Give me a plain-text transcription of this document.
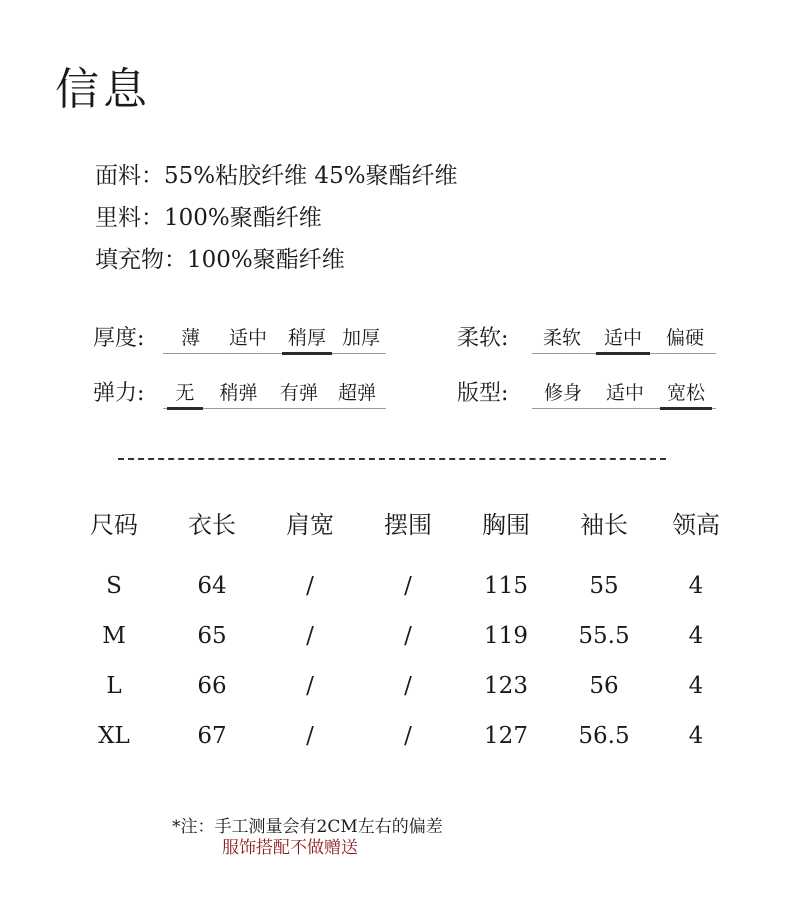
信息
面料：55%粘胶纤维 45%聚酯纤维
里料：100%聚酯纤维
填充物：100%聚酯纤维
厚度:	薄	适中	稍厚 加厚	柔软:	柔软	适中	偏硬
弹力:	无	稍弹	有弹	超弹	版型:	修身	适中	宽松
尺码	衣长	肩宽	摆围	胸围	袖长	领高
S	64	/	/	115	55	4
M	65	/	/	119	55.5	4
L	66	/	/	123	56	4
XL	67	/	/	127	56.5	4
*注：手工测量会有2CM左右的偏差
服饰搭配不做赠送
